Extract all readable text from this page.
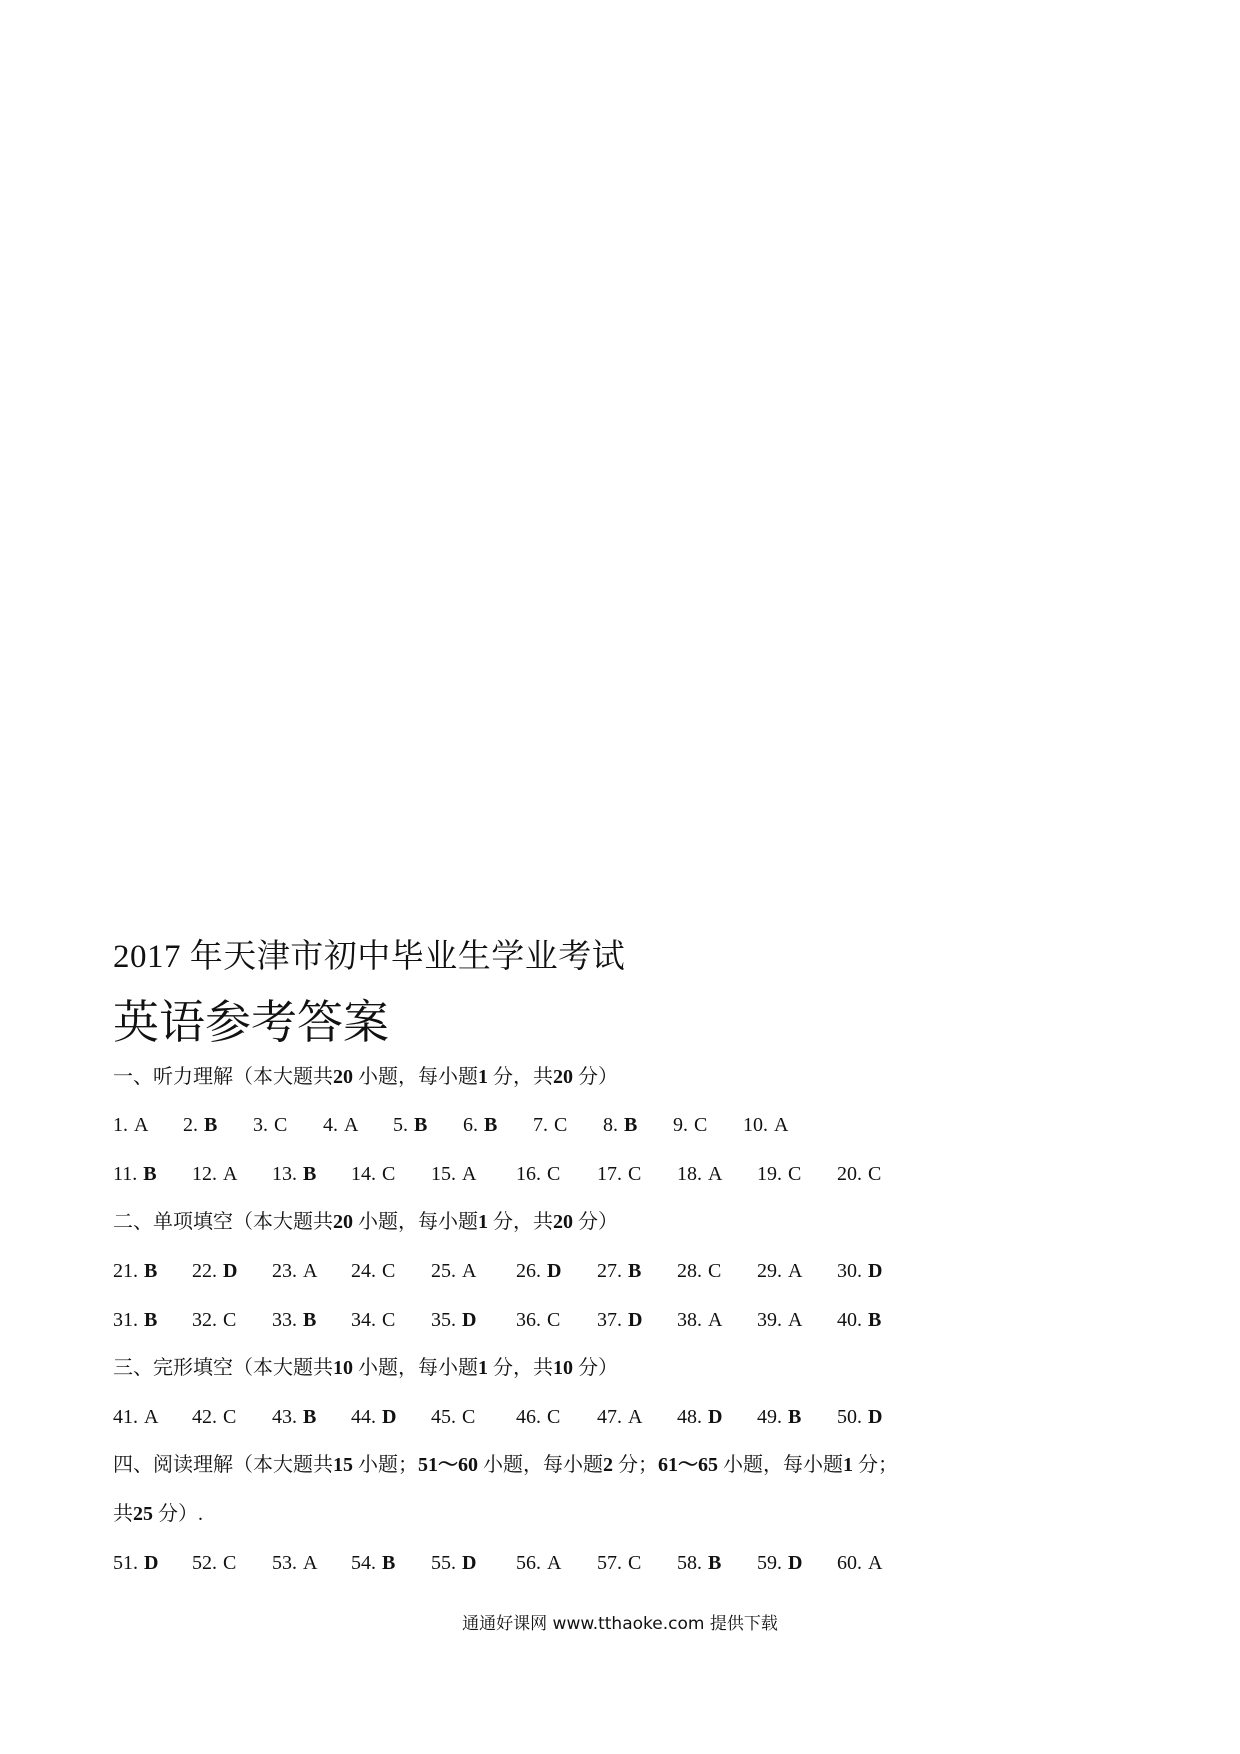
2017 年天津市初中毕业生学业考试
英语参考答案
一、听力理解（本大题共20 小题，每小题1 分，共20 分）
1. A 2. B 3. C 4. A 5. B 6. B 7. C 8. B 9. C 10. A
11. B 12. A 13. B 14. C 15. A 16. C 17. C 18. A 19. C 20. C
二、单项填空（本大题共20 小题，每小题1 分，共20 分）
21. B 22. D 23. A 24. C 25. A 26. D 27. B 28. C 29. A 30. D
31. B 32. C 33. B 34. C 35. D 36. C 37. D 38. A 39. A 40. B
三、完形填空（本大题共10 小题，每小题1 分，共10 分）
41. A 42. C 43. B 44. D 45. C 46. C 47. A 48. D 49. B 50. D
四、阅读理解（本大题共15 小题；51～60 小题，每小题2 分；61～65 小题，每小题1 分；
共25 分）.
51. D 52. C 53. A 54. B 55. D 56. A 57. C 58. B 59. D 60. A
通通好课网 www.tthaoke.com 提供下载
